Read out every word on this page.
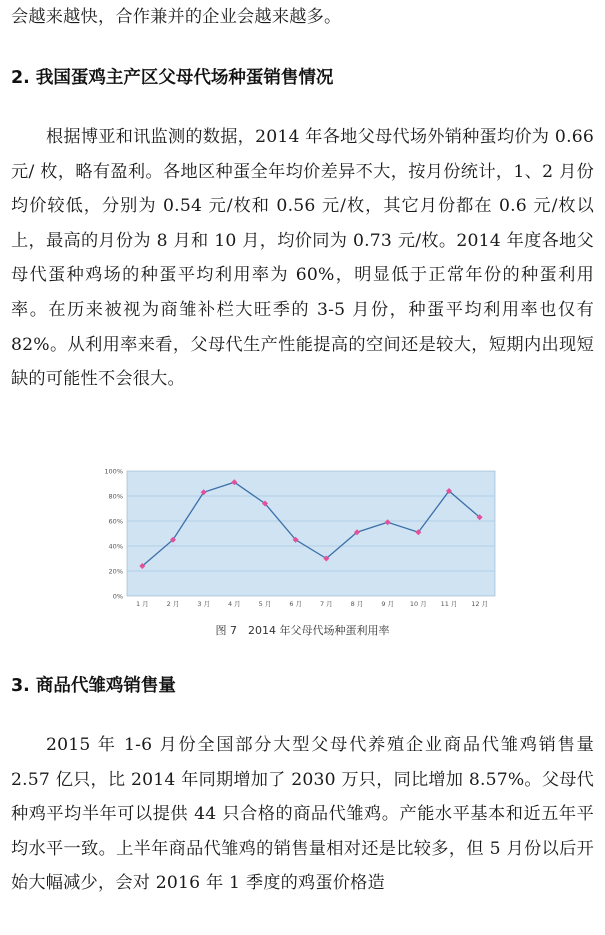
会越来越快，合作兼并的企业会越来越多。

2. 我国蛋鸡主产区父母代场种蛋销售情况

根据博亚和讯监测的数据，2014 年各地父母代场外销种蛋均价为 0.66 元/ 枚，略有盈利。各地区种蛋全年均价差异不大，按月份统计，1、2 月份均价较低，分别为 0.54 元/枚和 0.56 元/枚，其它月份都在 0.6 元/枚以上，最高的月份为 8 月和 10 月，均价同为 0.73 元/枚。2014 年度各地父母代蛋种鸡场的种蛋平均利用率为 60%，明显低于正常年份的种蛋利用率。在历来被视为商雏补栏大旺季的 3-5 月份，种蛋平均利用率也仅有 82%。从利用率来看，父母代生产性能提高的空间还是较大，短期内出现短缺的可能性不会很大。

0%
20%
40%
60%
80%
100%
1 月	2 月	3 月	4 月	5 月	6 月	7 月	8 月	9 月 10 月 11 月 12 月
图 7　2014 年父母代场种蛋利用率
3. 商品代雏鸡销售量

2015 年 1-6 月份全国部分大型父母代养殖企业商品代雏鸡销售量 2.57 亿只，比 2014 年同期增加了 2030 万只，同比增加 8.57%。父母代种鸡平均半年可以提供 44 只合格的商品代雏鸡。产能水平基本和近五年平均水平一致。上半年商品代雏鸡的销售量相对还是比较多，但 5 月份以后开始大幅减少，会对 2016 年 1 季度的鸡蛋价格造
